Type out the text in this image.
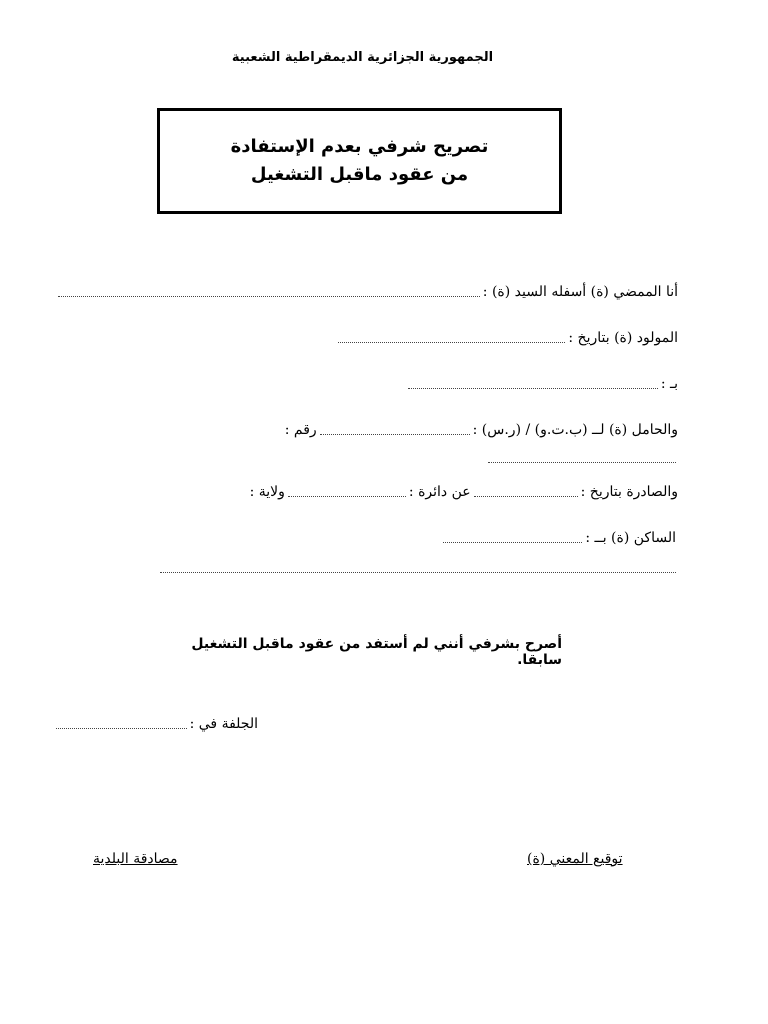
الجمهورية الجزائرية الديمقراطية الشعبية
تصريح شرفي بعدم الإستفادة
من عقود ماقبل التشغيل
أنا الممضي (ة) أسفله السيد (ة) :
المولود (ة) بتاريخ :
بـ :
والحامل (ة) لــ (ب.ت.و) / (ر.س) :
رقم :
والصادرة بتاريخ :
عن دائرة :
ولاية :
الساكن (ة) بــ :
أصرح بشرفي أنني لم أستفد من عقود ماقبل التشغيل سابقا.
الجلفة في :
توقيع المعني (ة)
مصادقة البلدية
